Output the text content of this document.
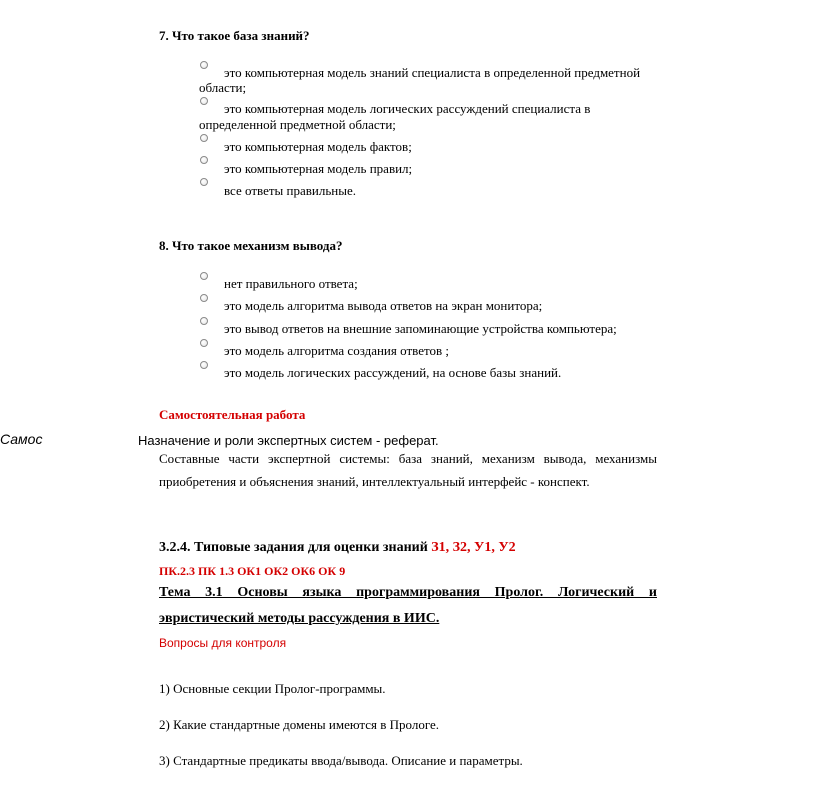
7. Что такое база знаний?
это компьютерная модель знаний специалиста в определенной предметной
области;
это компьютерная модель логических рассуждений специалиста в
определенной предметной области;
это компьютерная модель фактов;
это компьютерная модель правил;
все ответы правильные.
8. Что такое механизм вывода?
нет правильного ответа;
это модель алгоритма вывода ответов на экран монитора;
это вывод ответов на внешние запоминающие устройства компьютера;
это модель алгоритма создания ответов ;
это модель логических рассуждений, на основе базы знаний.
Самостоятельная работа
Самос	Назначение и роли экспертных систем - реферат.
Составные части экспертной системы: база знаний, механизм вывода, механизмы
приобретения и объяснения знаний, интеллектуальный интерфейс - конспект.
3.2.4. Типовые задания для оценки знаний З1, З2, У1, У2
ПК.2.3 ПК 1.3 ОК1 ОК2 ОК6 ОК 9
Тема 3.1 Основы языка программирования Пролог. Логический и
эвристический методы рассуждения в ИИС.
Вопросы для контроля
1) Основные секции Пролог-программы.
2) Какие стандартные домены имеются в Прологе.
3) Стандартные предикаты ввода/вывода. Описание и параметры.
